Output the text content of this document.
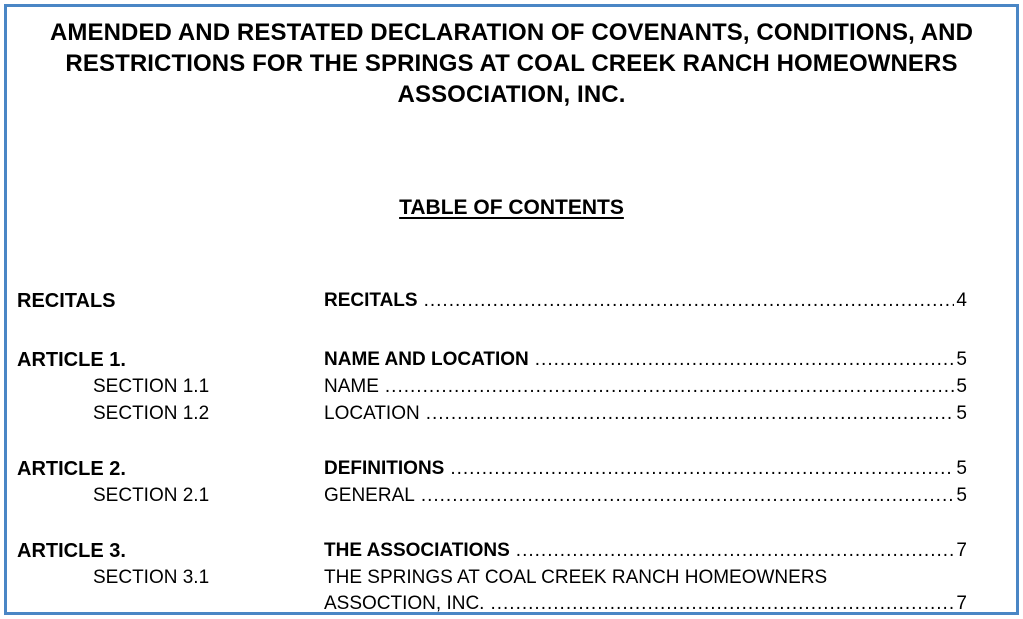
AMENDED AND RESTATED DECLARATION OF COVENANTS, CONDITIONS, AND
RESTRICTIONS FOR THE SPRINGS AT COAL CREEK RANCH HOMEOWNERS
ASSOCIATION, INC.
TABLE OF CONTENTS
RECITALS	RECITALS .....	4
ARTICLE 1.	NAME AND LOCATION .....	5
SECTION 1.1	NAME .....	5
SECTION 1.2	LOCATION .....	5
ARTICLE 2.	DEFINITIONS .....	5
SECTION 2.1	GENERAL .....	5
ARTICLE 3.	THE ASSOCIATIONS .....	7
SECTION 3.1	THE SPRINGS AT COAL CREEK RANCH HOMEOWNERS
ASSOCTION, INC. .....	7
